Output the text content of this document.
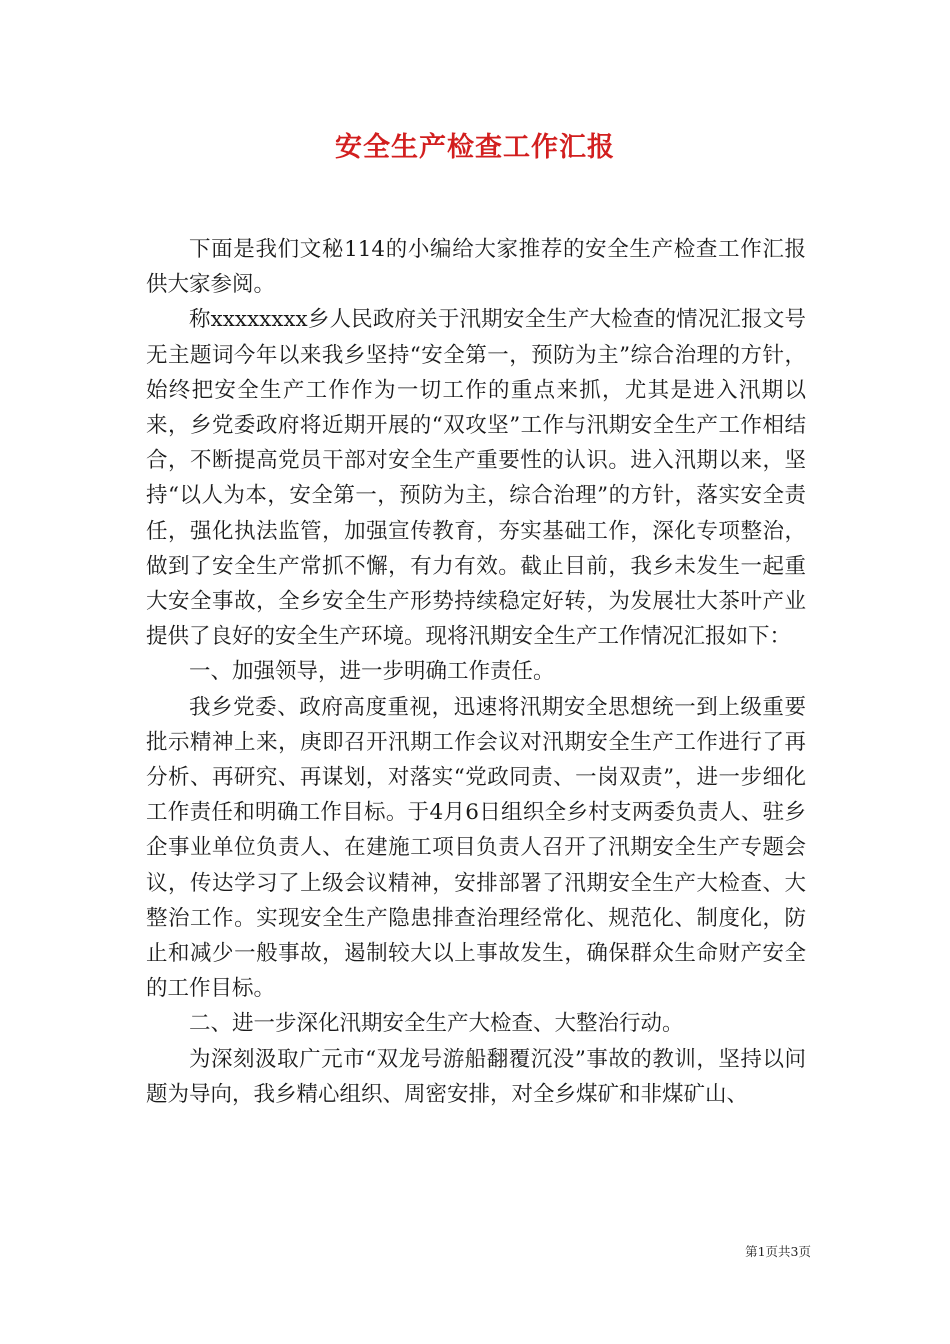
安全生产检查工作汇报

下面是我们文秘114的小编给大家推荐的安全生产检查工作汇报供大家参阅。

称xxxxxxxx乡人民政府关于汛期安全生产大检查的情况汇报文号无主题词今年以来我乡坚持“安全第一，预防为主”综合治理的方针，始终把安全生产工作作为一切工作的重点来抓，尤其是进入汛期以来，乡党委政府将近期开展的“双攻坚”工作与汛期安全生产工作相结合，不断提高党员干部对安全生产重要性的认识。进入汛期以来，坚持“以人为本，安全第一，预防为主，综合治理”的方针，落实安全责任，强化执法监管，加强宣传教育，夯实基础工作，深化专项整治，做到了安全生产常抓不懈，有力有效。截止目前，我乡未发生一起重大安全事故，全乡安全生产形势持续稳定好转，为发展壮大茶叶产业提供了良好的安全生产环境。现将汛期安全生产工作情况汇报如下：

一、加强领导，进一步明确工作责任。

我乡党委、政府高度重视，迅速将汛期安全思想统一到上级重要批示精神上来，庚即召开汛期工作会议对汛期安全生产工作进行了再分析、再研究、再谋划，对落实“党政同责、一岗双责”，进一步细化工作责任和明确工作目标。于4月6日组织全乡村支两委负责人、驻乡企事业单位负责人、在建施工项目负责人召开了汛期安全生产专题会议，传达学习了上级会议精神，安排部署了汛期安全生产大检查、大整治工作。实现安全生产隐患排查治理经常化、规范化、制度化，防止和减少一般事故，遏制较大以上事故发生，确保群众生命财产安全的工作目标。

二、进一步深化汛期安全生产大检查、大整治行动。

为深刻汲取广元市“双龙号游船翻覆沉没”事故的教训，坚持以问题为导向，我乡精心组织、周密安排，对全乡煤矿和非煤矿山、

第1页共3页
